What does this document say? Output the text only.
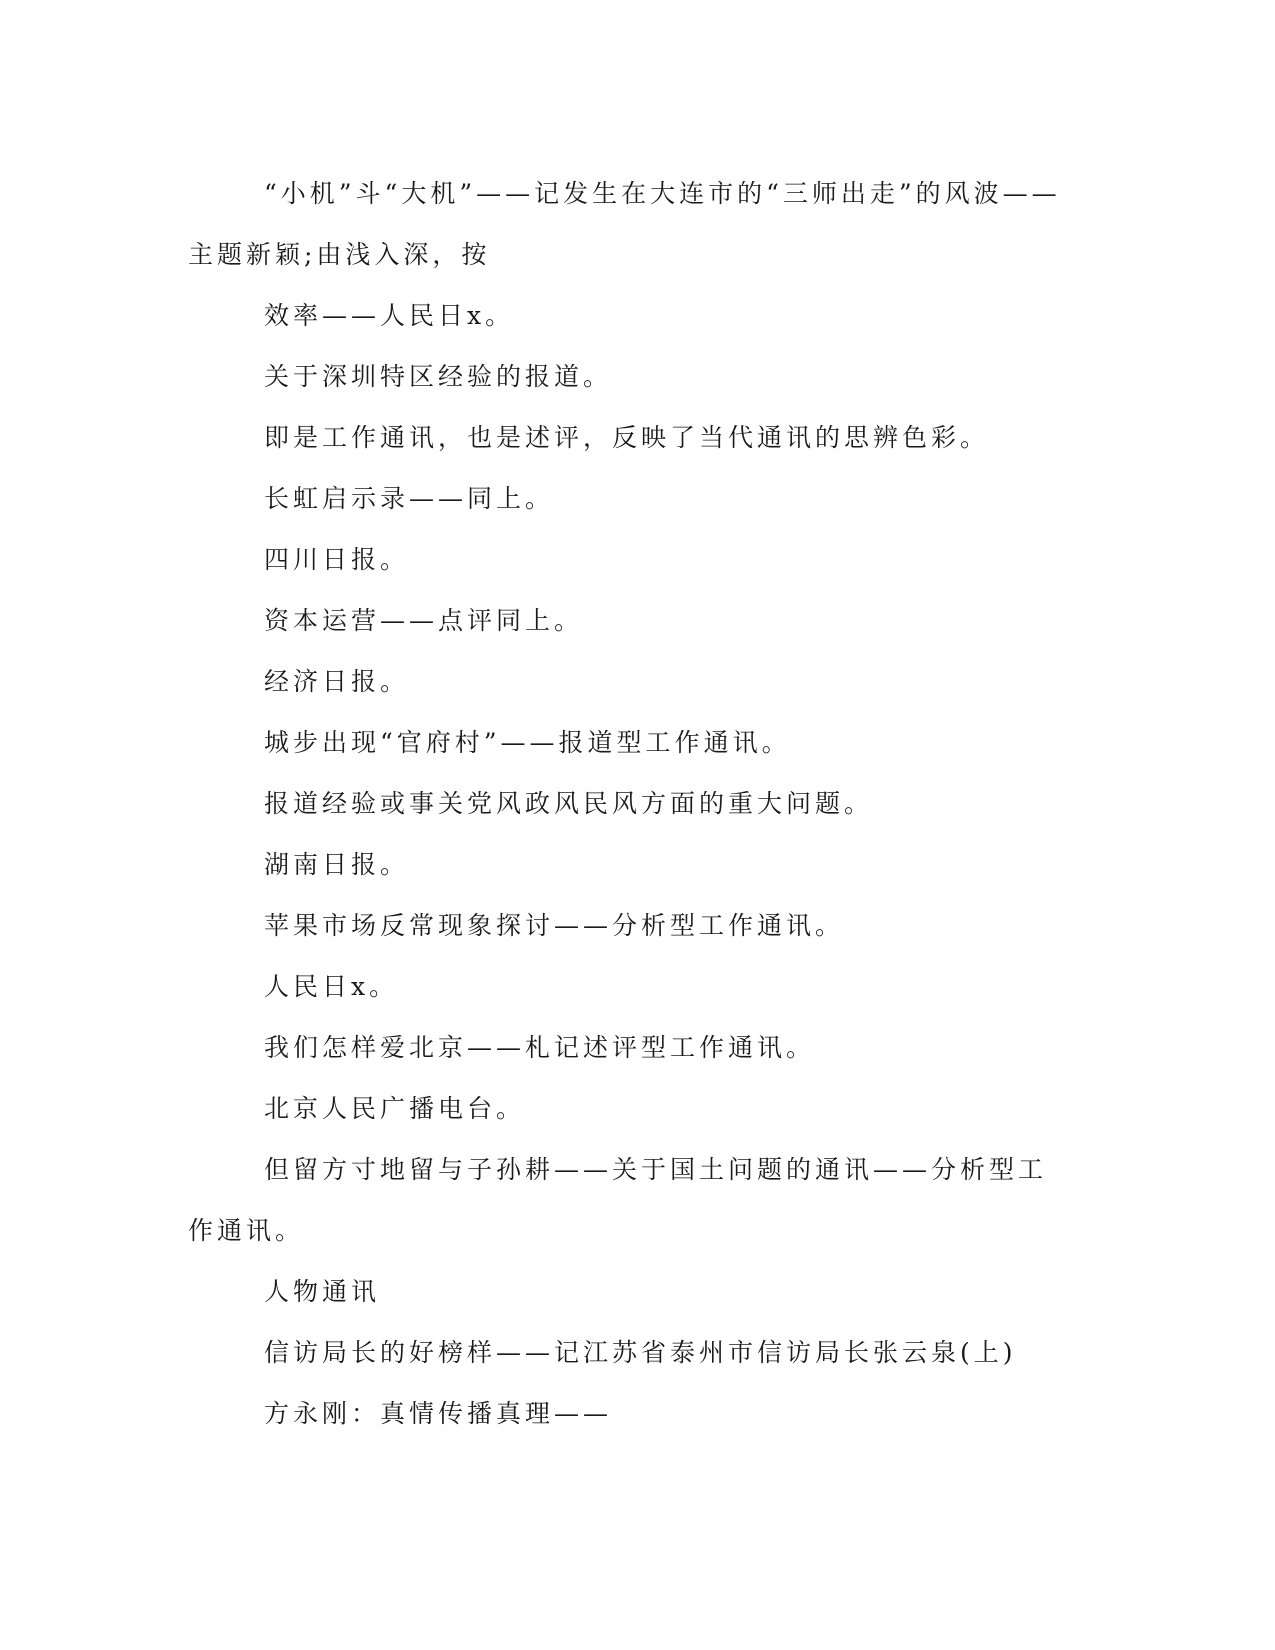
“小机”斗“大机”——记发生在大连市的“三师出走”的风波——主题新颖;由浅入深，按

效率——人民日x。

关于深圳特区经验的报道。

即是工作通讯，也是述评，反映了当代通讯的思辨色彩。

长虹启示录——同上。

四川日报。

资本运营——点评同上。

经济日报。

城步出现“官府村”——报道型工作通讯。

报道经验或事关党风政风民风方面的重大问题。

湖南日报。

苹果市场反常现象探讨——分析型工作通讯。

人民日x。

我们怎样爱北京——札记述评型工作通讯。

北京人民广播电台。

但留方寸地留与子孙耕——关于国土问题的通讯——分析型工作通讯。

人物通讯

信访局长的好榜样——记江苏省泰州市信访局长张云泉(上)

方永刚：真情传播真理——
